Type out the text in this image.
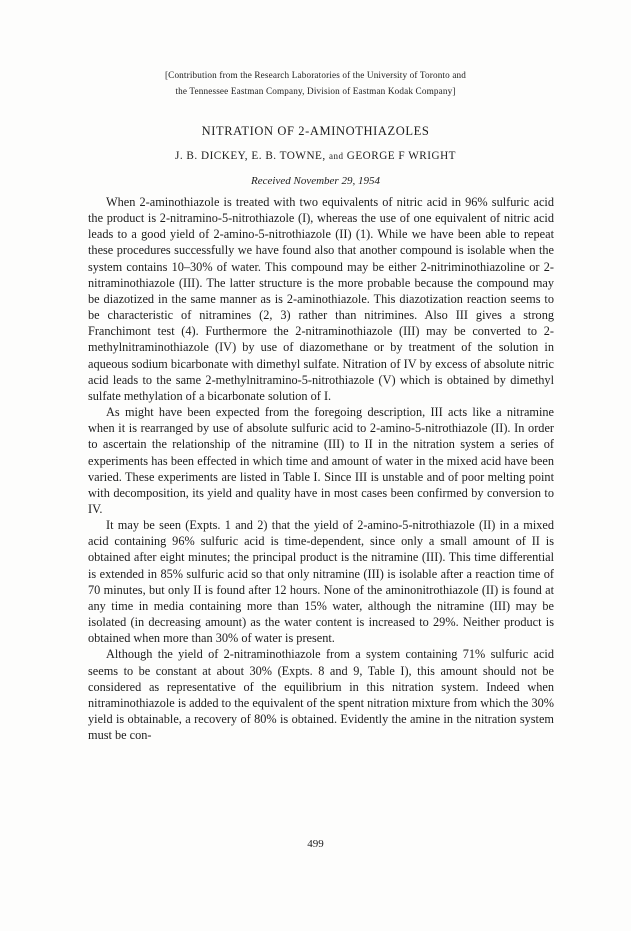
[Contribution from the Research Laboratories of the University of Toronto and
the Tennessee Eastman Company, Division of Eastman Kodak Company]
NITRATION OF 2-AMINOTHIAZOLES
J. B. DICKEY, E. B. TOWNE, and GEORGE F WRIGHT
Received November 29, 1954

When 2-aminothiazole is treated with two equivalents of nitric acid in 96% sulfuric acid the product is 2-nitramino-5-nitrothiazole (I), whereas the use of one equivalent of nitric acid leads to a good yield of 2-amino-5-nitrothiazole (II) (1). While we have been able to repeat these procedures successfully we have found also that another compound is isolable when the system contains 10–30% of water. This compound may be either 2-nitriminothiazoline or 2-nitraminothiazole (III). The latter structure is the more probable because the compound may be diazotized in the same manner as is 2-aminothiazole. This diazotization reaction seems to be characteristic of nitramines (2, 3) rather than nitrimines. Also III gives a strong Franchimont test (4). Furthermore the 2-nitraminothiazole (III) may be converted to 2-methylnitraminothiazole (IV) by use of diazomethane or by treatment of the solution in aqueous sodium bicarbonate with dimethyl sulfate. Nitration of IV by excess of absolute nitric acid leads to the same 2-methylnitramino-5-nitrothiazole (V) which is obtained by dimethyl sulfate methylation of a bicarbonate solution of I.

As might have been expected from the foregoing description, III acts like a nitramine when it is rearranged by use of absolute sulfuric acid to 2-amino-5-nitrothiazole (II). In order to ascertain the relationship of the nitramine (III) to II in the nitration system a series of experiments has been effected in which time and amount of water in the mixed acid have been varied. These experiments are listed in Table I. Since III is unstable and of poor melting point with decomposition, its yield and quality have in most cases been confirmed by conversion to IV.

It may be seen (Expts. 1 and 2) that the yield of 2-amino-5-nitrothiazole (II) in a mixed acid containing 96% sulfuric acid is time-dependent, since only a small amount of II is obtained after eight minutes; the principal product is the nitramine (III). This time differential is extended in 85% sulfuric acid so that only nitramine (III) is isolable after a reaction time of 70 minutes, but only II is found after 12 hours. None of the aminonitrothiazole (II) is found at any time in media containing more than 15% water, although the nitramine (III) may be isolated (in decreasing amount) as the water content is increased to 29%. Neither product is obtained when more than 30% of water is present.

Although the yield of 2-nitraminothiazole from a system containing 71% sulfuric acid seems to be constant at about 30% (Expts. 8 and 9, Table I), this amount should not be considered as representative of the equilibrium in this nitration system. Indeed when nitraminothiazole is added to the equivalent of the spent nitration mixture from which the 30% yield is obtainable, a recovery of 80% is obtained. Evidently the amine in the nitration system must be con-

499
